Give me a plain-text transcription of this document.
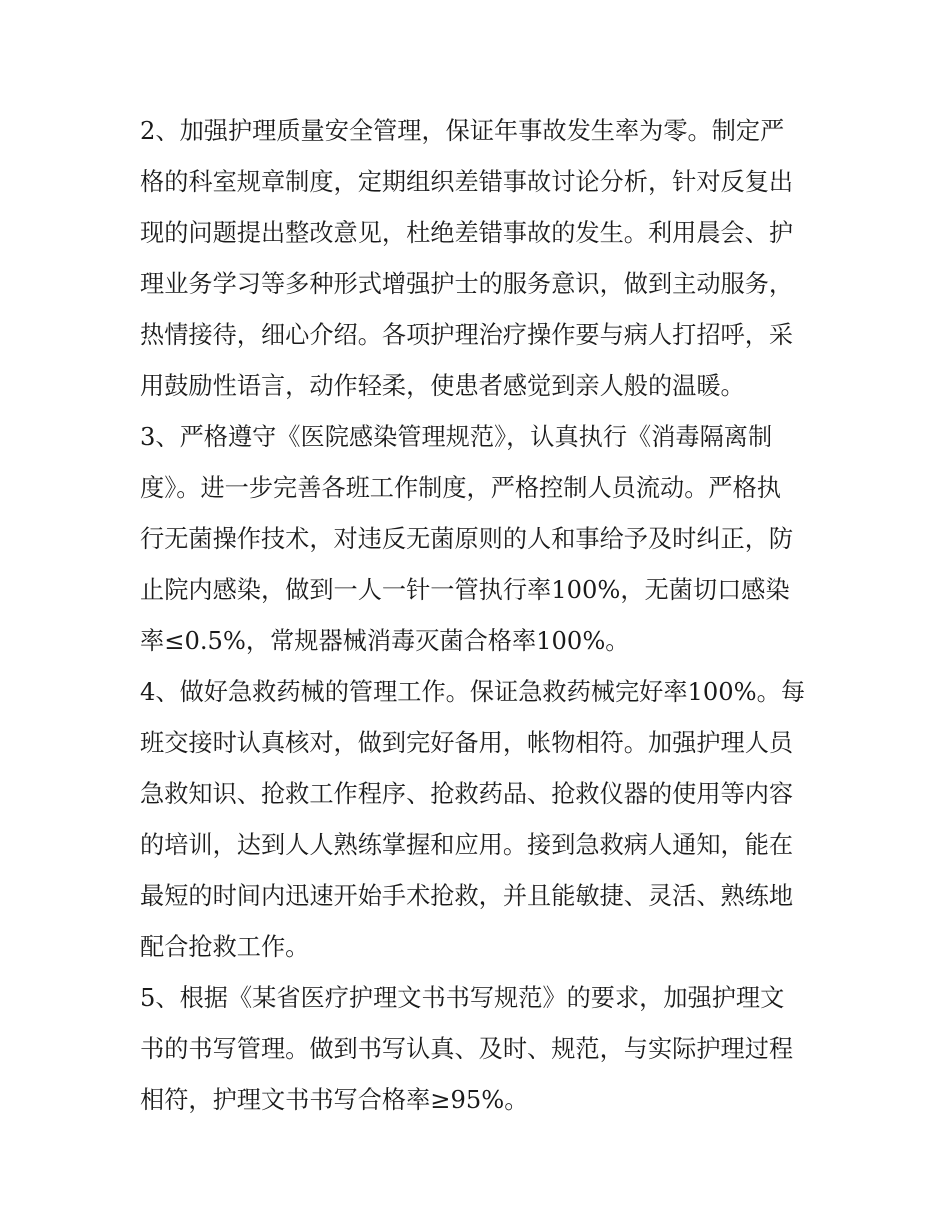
2、加强护理质量安全管理，保证年事故发生率为零。制定严
格的科室规章制度，定期组织差错事故讨论分析，针对反复出
现的问题提出整改意见，杜绝差错事故的发生。利用晨会、护
理业务学习等多种形式增强护士的服务意识，做到主动服务，
热情接待，细心介绍。各项护理治疗操作要与病人打招呼，采
用鼓励性语言，动作轻柔，使患者感觉到亲人般的温暖。
3、严格遵守《医院感染管理规范》，认真执行《消毒隔离制
度》。进一步完善各班工作制度，严格控制人员流动。严格执
行无菌操作技术，对违反无菌原则的人和事给予及时纠正，防
止院内感染，做到一人一针一管执行率100%，无菌切口感染
率≤0.5%，常规器械消毒灭菌合格率100%。
4、做好急救药械的管理工作。保证急救药械完好率100%。每
班交接时认真核对，做到完好备用，帐物相符。加强护理人员
急救知识、抢救工作程序、抢救药品、抢救仪器的使用等内容
的培训，达到人人熟练掌握和应用。接到急救病人通知，能在
最短的时间内迅速开始手术抢救，并且能敏捷、灵活、熟练地
配合抢救工作。
5、根据《某省医疗护理文书书写规范》的要求，加强护理文
书的书写管理。做到书写认真、及时、规范，与实际护理过程
相符，护理文书书写合格率≥95%。
